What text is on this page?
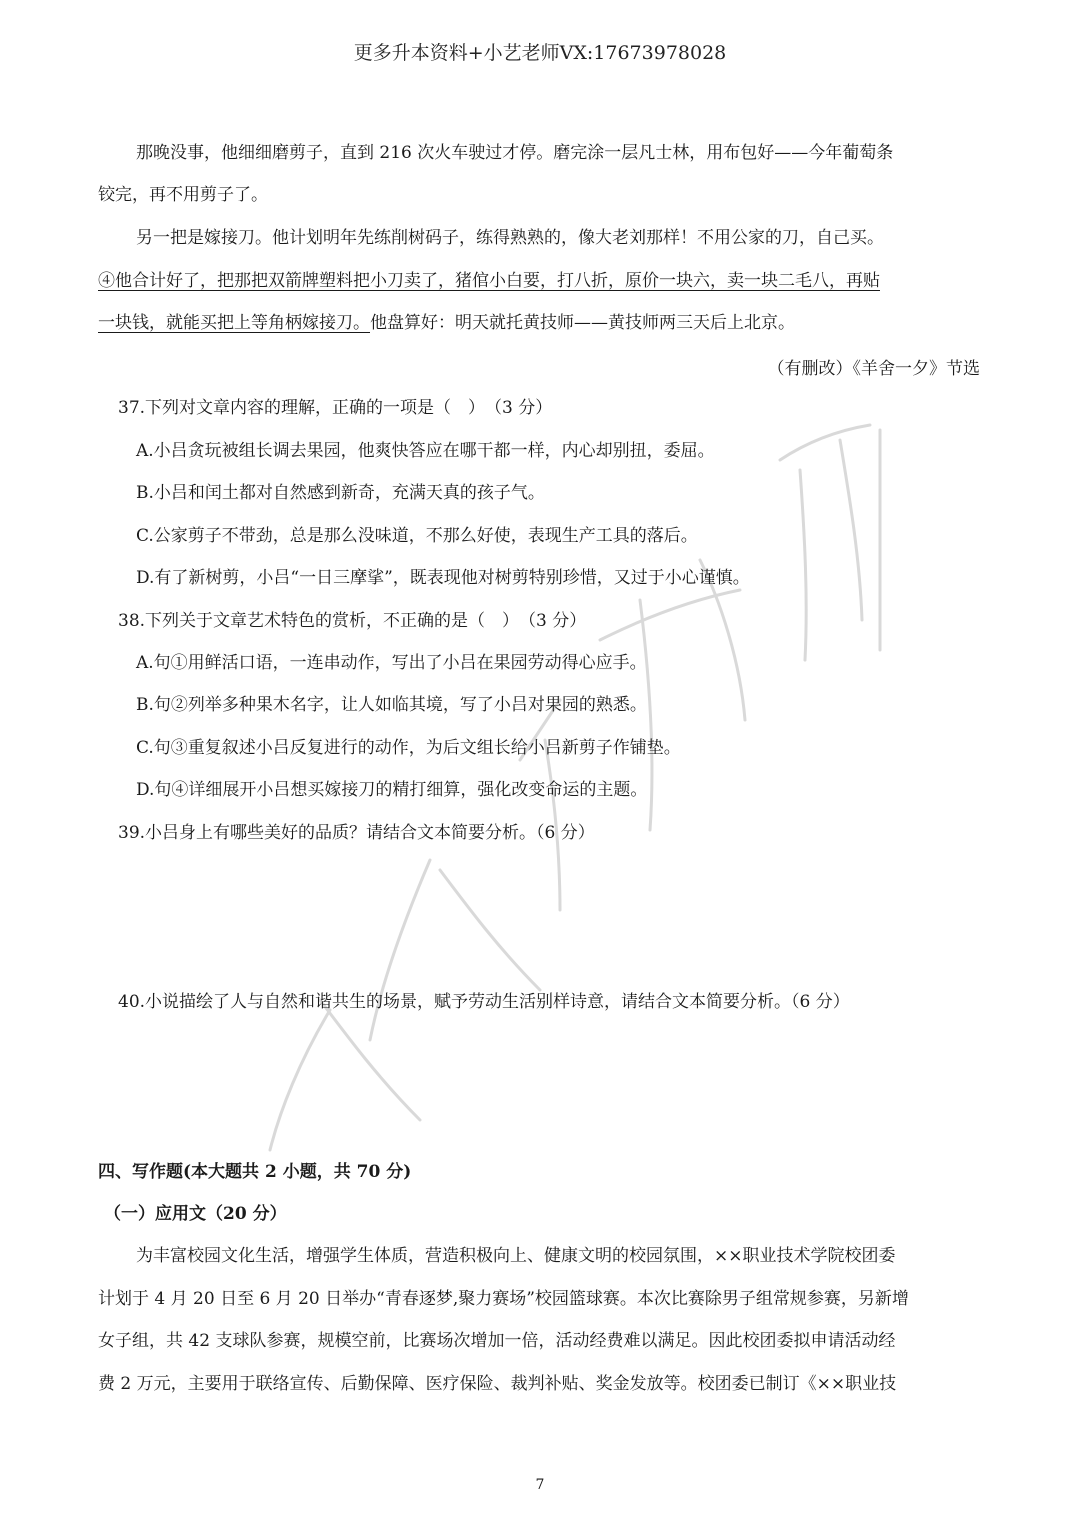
更多升本资料+小艺老师VX:17673978028
那晚没事，他细细磨剪子，直到 216 次火车驶过才停。磨完涂一层凡士林，用布包好——今年葡萄条
铰完，再不用剪子了。
另一把是嫁接刀。他计划明年先练削树码子，练得熟熟的，像大老刘那样！不用公家的刀，自己买。
④他合计好了，把那把双箭牌塑料把小刀卖了，猪倌小白要，打八折，原价一块六，卖一块二毛八，再贴
一块钱，就能买把上等角柄嫁接刀。他盘算好：明天就托黄技师——黄技师两三天后上北京。
（有删改）《羊舍一夕》节选
37.下列对文章内容的理解，正确的一项是（　）　（3 分）
A.小吕贪玩被组长调去果园，他爽快答应在哪干都一样，内心却别扭，委屈。
B.小吕和闰土都对自然感到新奇，充满天真的孩子气。
C.公家剪子不带劲，总是那么没味道，不那么好使，表现生产工具的落后。
D.有了新树剪，小吕“一日三摩挲”，既表现他对树剪特别珍惜，又过于小心谨慎。
38.下列关于文章艺术特色的赏析，不正确的是（　）　（3 分）
A.句①用鲜活口语，一连串动作，写出了小吕在果园劳动得心应手。
B.句②列举多种果木名字，让人如临其境，写了小吕对果园的熟悉。
C.句③重复叙述小吕反复进行的动作，为后文组长给小吕新剪子作铺垫。
D.句④详细展开小吕想买嫁接刀的精打细算，强化改变命运的主题。
39.小吕身上有哪些美好的品质？请结合文本简要分析。（6 分）
40.小说描绘了人与自然和谐共生的场景，赋予劳动生活别样诗意，请结合文本简要分析。（6 分）
四、写作题(本大题共 2 小题，共 70 分)
（一）应用文（20 分）
为丰富校园文化生活，增强学生体质，营造积极向上、健康文明的校园氛围，××职业技术学院校团委
计划于 4 月 20 日至 6 月 20 日举办“青春逐梦,聚力赛场”校园篮球赛。本次比赛除男子组常规参赛，另新增
女子组，共 42 支球队参赛，规模空前，比赛场次增加一倍，活动经费难以满足。因此校团委拟申请活动经
费 2 万元，主要用于联络宣传、后勤保障、医疗保险、裁判补贴、奖金发放等。校团委已制订《××职业技
7
